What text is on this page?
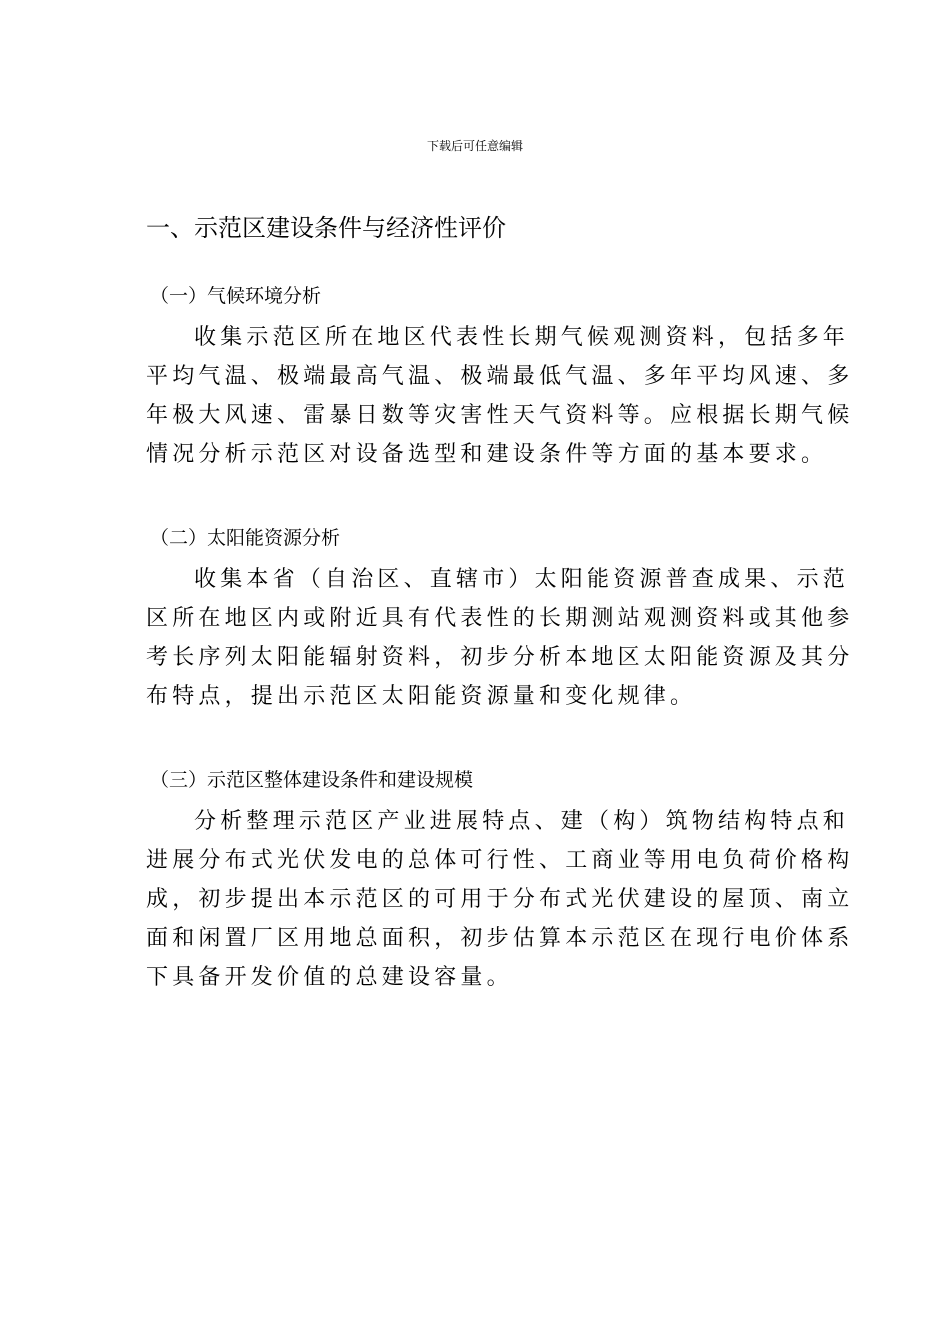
下载后可任意编辑
一、示范区建设条件与经济性评价
（一）气候环境分析
收集示范区所在地区代表性长期气候观测资料，包括多年
平均气温、极端最高气温、极端最低气温、多年平均风速、多
年极大风速、雷暴日数等灾害性天气资料等。应根据长期气候
情况分析示范区对设备选型和建设条件等方面的基本要求。
（二）太阳能资源分析
收集本省（自治区、直辖市）太阳能资源普查成果、示范
区所在地区内或附近具有代表性的长期测站观测资料或其他参
考长序列太阳能辐射资料，初步分析本地区太阳能资源及其分
布特点，提出示范区太阳能资源量和变化规律。
（三）示范区整体建设条件和建设规模
分析整理示范区产业进展特点、建（构）筑物结构特点和
进展分布式光伏发电的总体可行性、工商业等用电负荷价格构
成，初步提出本示范区的可用于分布式光伏建设的屋顶、南立
面和闲置厂区用地总面积，初步估算本示范区在现行电价体系
下具备开发价值的总建设容量。
